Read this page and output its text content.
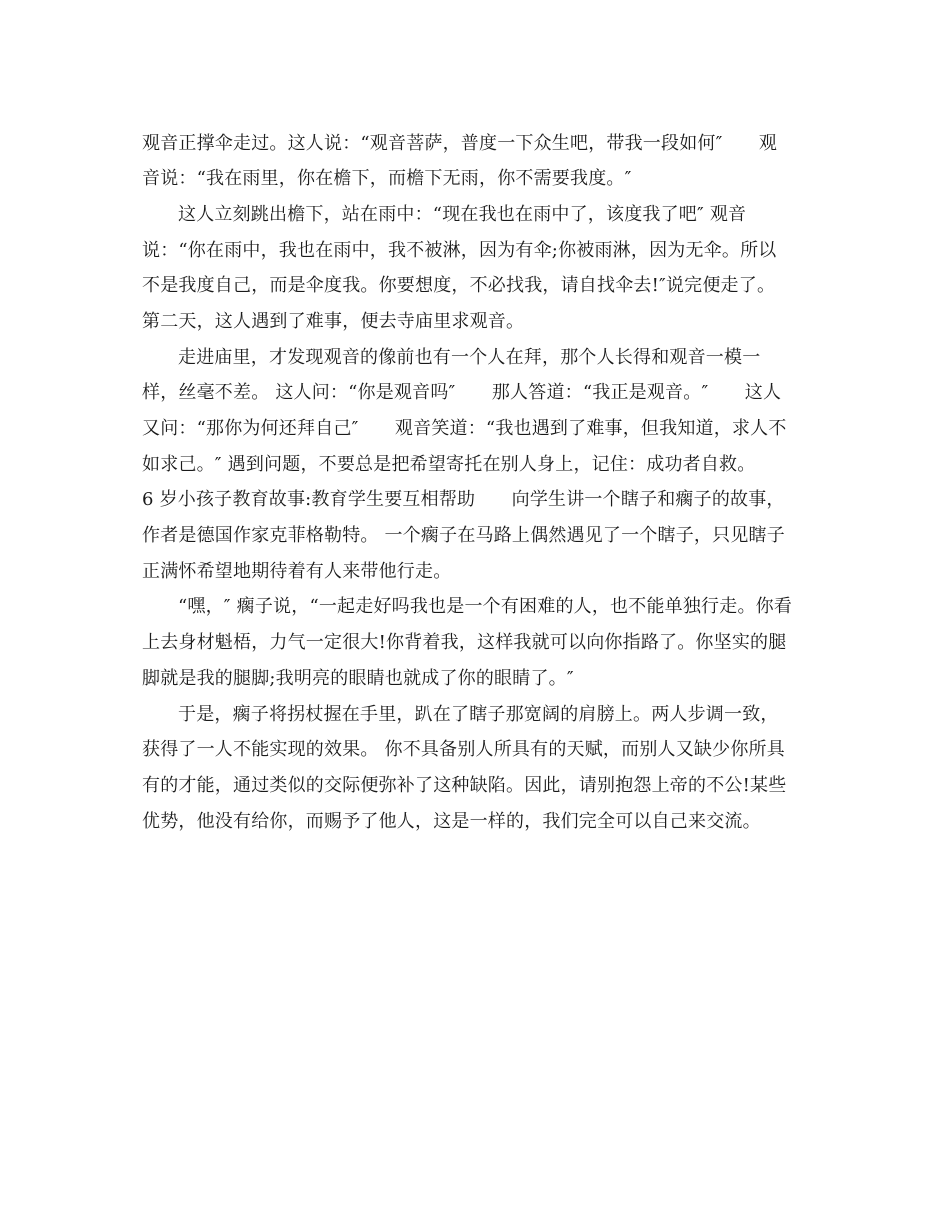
观音正撑伞走过。这人说：“观音菩萨，普度一下众生吧，带我一段如何″　　观
音说：“我在雨里，你在檐下，而檐下无雨，你不需要我度。″
这人立刻跳出檐下，站在雨中：“现在我也在雨中了，该度我了吧″ 观音
说：“你在雨中，我也在雨中，我不被淋，因为有伞;你被雨淋，因为无伞。所以
不是我度自己，而是伞度我。你要想度，不必找我，请自找伞去!″说完便走了。
第二天，这人遇到了难事，便去寺庙里求观音。
走进庙里，才发现观音的像前也有一个人在拜，那个人长得和观音一模一
样，丝毫不差。 这人问：“你是观音吗″　　那人答道：“我正是观音。″　　这人
又问：“那你为何还拜自己″　　观音笑道：“我也遇到了难事，但我知道，求人不
如求己。″ 遇到问题，不要总是把希望寄托在别人身上，记住：成功者自救。
6 岁小孩子教育故事:教育学生要互相帮助　　向学生讲一个瞎子和瘸子的故事，
作者是德国作家克菲格勒特。 一个瘸子在马路上偶然遇见了一个瞎子，只见瞎子
正满怀希望地期待着有人来带他行走。
“嘿，″ 瘸子说，“一起走好吗我也是一个有困难的人，也不能单独行走。你看
上去身材魁梧，力气一定很大!你背着我，这样我就可以向你指路了。你坚实的腿
脚就是我的腿脚;我明亮的眼睛也就成了你的眼睛了。″
于是，瘸子将拐杖握在手里，趴在了瞎子那宽阔的肩膀上。两人步调一致，
获得了一人不能实现的效果。 你不具备别人所具有的天赋，而别人又缺少你所具
有的才能，通过类似的交际便弥补了这种缺陷。因此，请别抱怨上帝的不公!某些
优势，他没有给你，而赐予了他人，这是一样的，我们完全可以自己来交流。
